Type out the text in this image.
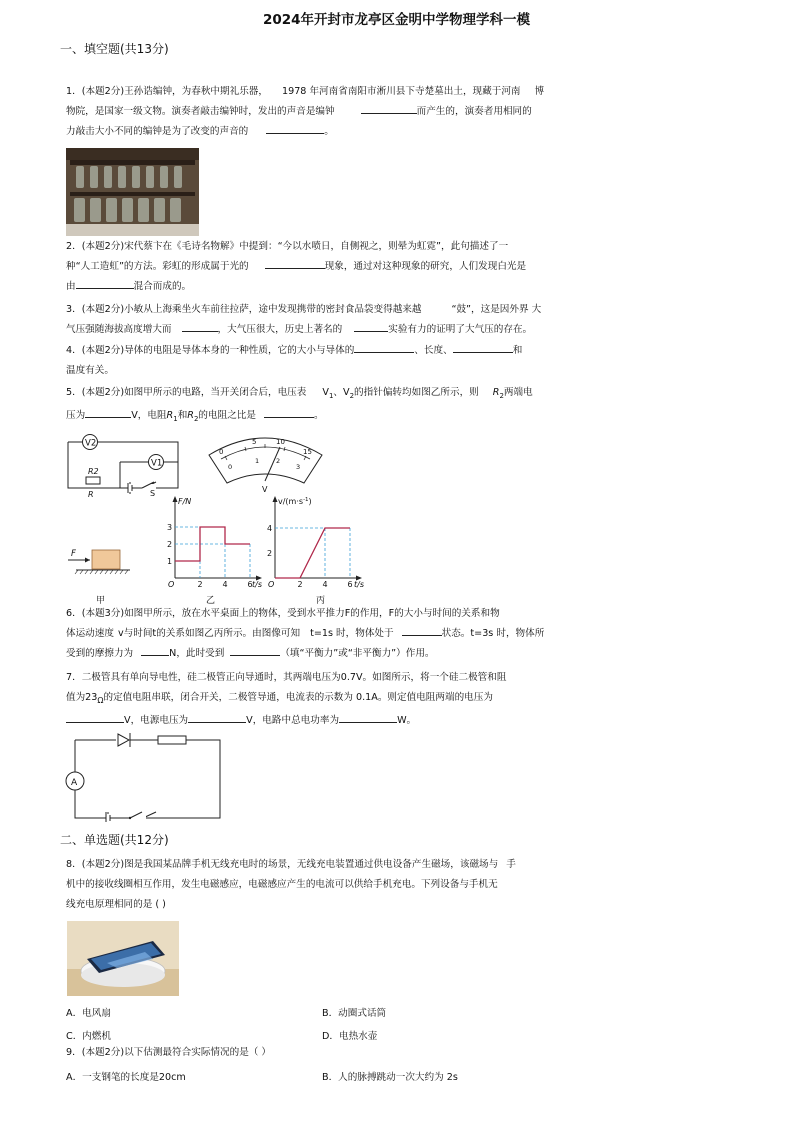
2024年开封市龙亭区金明中学物理学科一模
一、填空题(共13分)
1．(本题2分)王孙诰编钟，为春秋中期礼乐器， 1978 年河南省南阳市淅川县下寺楚墓出土，现藏于河南 博
物院，是国家一级文物。演奏者敲击编钟时，发出的声音是编钟	而产生的，演奏者用相同的
力敲击大小不同的编钟是为了改变的声音的	。
2．(本题2分)宋代蔡卞在《毛诗名物解》中提到：“今以水喷日，自侧视之，则晕为虹霓”，此句描述了一
种“人工造虹”的方法。彩虹的形成属于光的	现象，通过对这种现象的研究，人们发现白光是
由	混合而成的。
3．(本题2分)小敏从上海乘坐火车前往拉萨，途中发现携带的密封食品袋变得越来越	“鼓”，这是因外界 大
气压强随海拔高度增大而	，大气压很大，历史上著名的	实验有力的证明了大气压的存在。
4．(本题2分)导体的电阻是导体本身的一种性质，它的大小与导体的	、长度、	和
温度有关。
5．(本题2分)如图甲所示的电路，当开关闭合后，电压表 $V_1$、$V_2$的指针偏转均如图乙所示，则 $R_2$两端电
压为	V，电阻$R_1$和$R_2$的电阻之比是	。
V2
V1
R2
R	S
0
5	10
15
0
1	2
3
V
F
F/N	$v/(m\cdot s^{-1})$
t/s	t/s
O	O
2	2
4	4
6	6
1
2
3
2
4
甲	乙	丙
6．(本题3分)如图甲所示，放在水平桌面上的物体，受到水平推力F的作用，F的大小与时间的关系和物
体运动速度 v与时间t的关系如图乙丙所示。由图像可知 t=1s 时，物体处于	状态。t=3s 时，物体所
受到的摩擦力为	N，此时受到	（填“平衡力”或“非平衡力”）作用。
7．二极管具有单向导电性，硅二极管正向导通时，其两端电压为0.7V。如图所示，将一个硅二极管和阻
值为$23_\Omega$的定值电阻串联，闭合开关，二极管导通，电流表的示数为 0.1A。则定值电阻两端的电压为
V，电源电压为	V，电路中总电功率为	W。
A
二、单选题(共12分)
8．(本题2分)图是我国某品牌手机无线充电时的场景，无线充电装置通过供电设备产生磁场，该磁场与 手
机中的接收线圈相互作用，发生电磁感应，电磁感应产生的电流可以供给手机充电。下列设备与手机无
线充电原理相同的是 ( )
A．电风扇	B．动圈式话筒
C．内燃机	D．电热水壶
9．(本题2分)以下估测最符合实际情况的是（ ）
A．一支钢笔的长度是20cm	B．人的脉搏跳动一次大约为 2s
